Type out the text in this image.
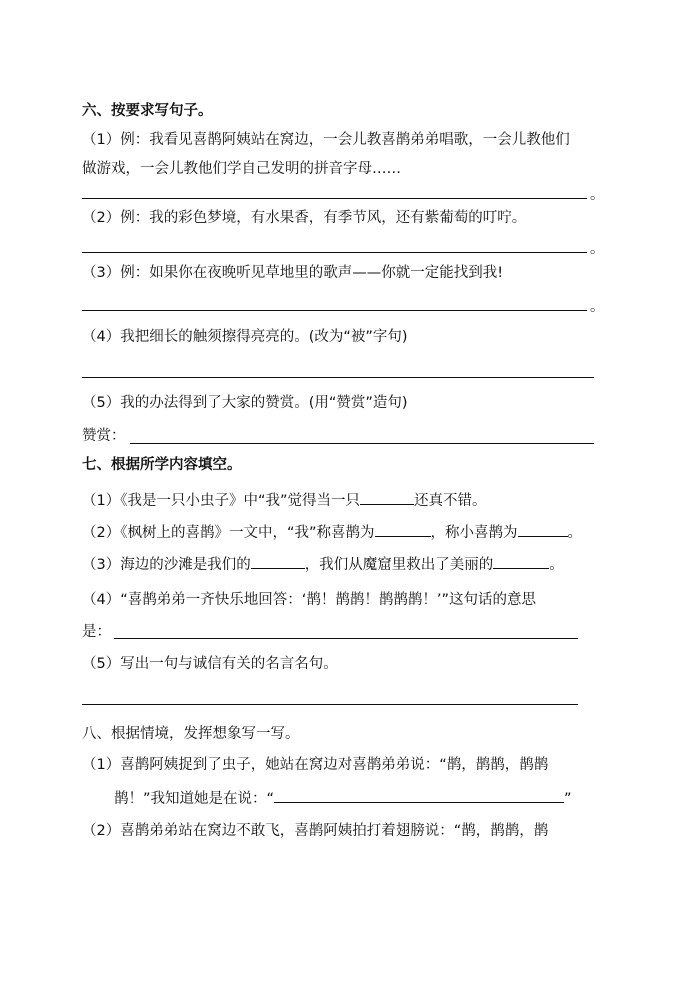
六、按要求写句子。
（1）例：我看见喜鹊阿姨站在窝边，一会儿教喜鹊弟弟唱歌，一会儿教他们
做游戏，一会儿教他们学自己发明的拼音字母……
。
（2）例：我的彩色梦境，有水果香，有季节风，还有紫葡萄的叮咛。
。
（3）例：如果你在夜晚听见草地里的歌声——你就一定能找到我!
。
（4）我把细长的触须擦得亮亮的。(改为“被”字句)
（5）我的办法得到了大家的赞赏。(用“赞赏”造句)
赞赏：
七、根据所学内容填空。
（1）《我是一只小虫子》中“我”觉得当一只	还真不错。
（2）《枫树上的喜鹊》一文中，“我”称喜鹊为	，称小喜鹊为	。
（3）海边的沙滩是我们的	，我们从魔窟里救出了美丽的	。
（4）“喜鹊弟弟一齐快乐地回答：‘鹊！鹊鹊！鹊鹊鹊！’”这句话的意思
是：
（5）写出一句与诚信有关的名言名句。
八、根据情境，发挥想象写一写。
（1）喜鹊阿姨捉到了虫子，她站在窝边对喜鹊弟弟说：“鹊，鹊鹊，鹊鹊
鹊！”我知道她是在说：“	”
（2）喜鹊弟弟站在窝边不敢飞，喜鹊阿姨拍打着翅膀说：“鹊，鹊鹊，鹊
